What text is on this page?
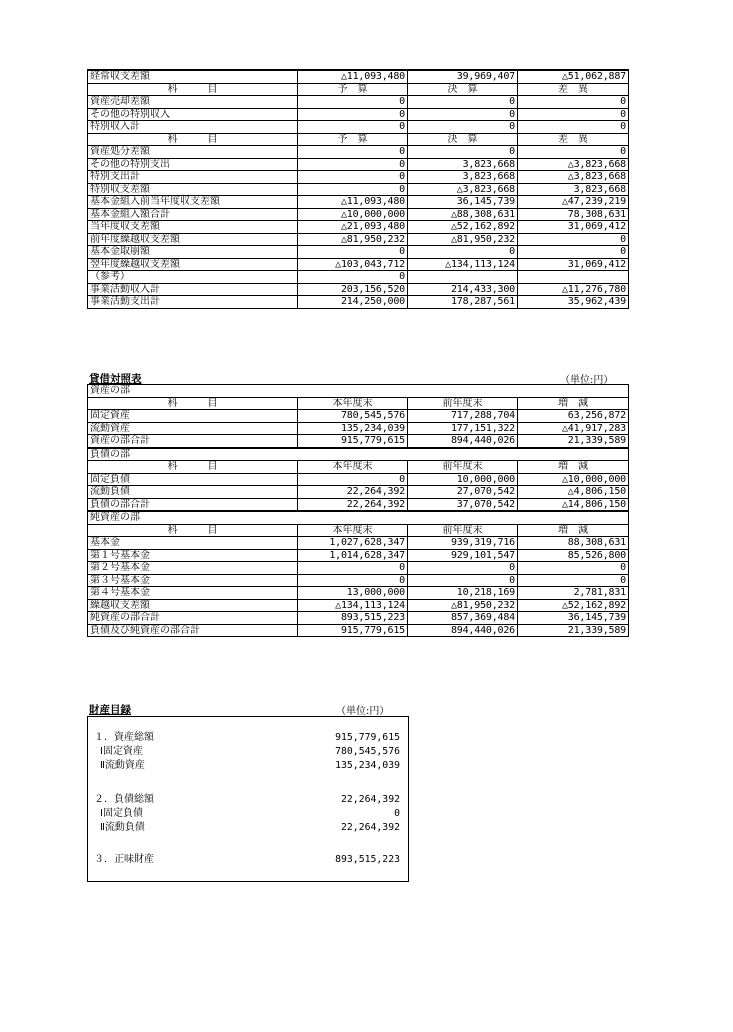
経常収支差額	△11,093,480	39,969,407	△51,062,887
科　　　目	予　算	決　算	差　異
資産売却差額	0	0	0
その他の特別収入	0	0	0
特別収入計	0	0	0
科　　　目	予　算	決　算	差　異
資産処分差額	0	0	0
その他の特別支出	0	3,823,668	△3,823,668
特別支出計	0	3,823,668	△3,823,668
特別収支差額	0	△3,823,668	3,823,668
基本金組入前当年度収支差額	△11,093,480	36,145,739	△47,239,219
基本金組入額合計	△10,000,000	△88,308,631	78,308,631
当年度収支差額	△21,093,480	△52,162,892	31,069,412
前年度繰越収支差額	△81,950,232	△81,950,232	0
基本金取崩額	0	0	0
翌年度繰越収支差額	△103,043,712	△134,113,124	31,069,412
（参考）	0		
事業活動収入計	203,156,520	214,433,300	△11,276,780
事業活動支出計	214,250,000	178,287,561	35,962,439
貸借対照表	（単位:円）
資産の部			
科　　　目	本年度末	前年度末	増　減
固定資産	780,545,576	717,288,704	63,256,872
流動資産	135,234,039	177,151,322	△41,917,283
資産の部合計	915,779,615	894,440,026	21,339,589
負債の部			
科　　　目	本年度末	前年度末	増　減
固定負債	0	10,000,000	△10,000,000
流動負債	22,264,392	27,070,542	△4,806,150
負債の部合計	22,264,392	37,070,542	△14,806,150
純資産の部			
科　　　目	本年度末	前年度末	増　減
基本金	1,027,628,347	939,319,716	88,308,631
第１号基本金	1,014,628,347	929,101,547	85,526,800
第２号基本金	0	0	0
第３号基本金	0	0	0
第４号基本金	13,000,000	10,218,169	2,781,831
繰越収支差額	△134,113,124	△81,950,232	△52,162,892
純資産の部合計	893,515,223	857,369,484	36,145,739
負債及び純資産の部合計	915,779,615	894,440,026	21,339,589
財産目録	（単位:円）
１．資産総額	915,779,615
Ⅰ固定資産	780,545,576
Ⅱ流動資産	135,234,039
２．負債総額	22,264,392
Ⅰ固定負債	0
Ⅱ流動負債	22,264,392
３．正味財産	893,515,223
